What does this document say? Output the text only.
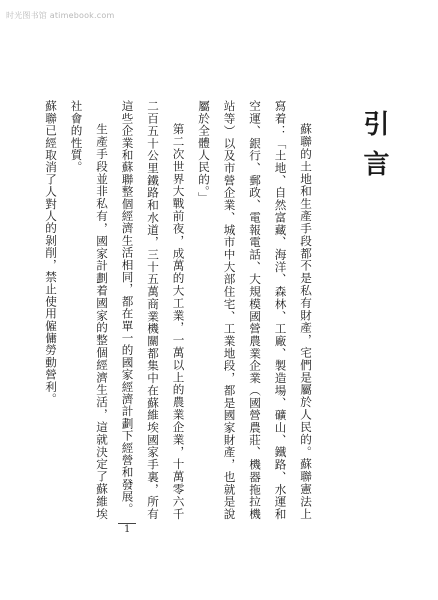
时光图书馆 atimebook.com
引言

蘇聯的土地和生產手段都不是私有財產，宅們是屬於人民的。蘇聯憲法上寫着：「土地、自然富藏、海洋、森林、工廠、製造場、礦山、鐵路、水運和空運、銀行、郵政、電報電話、大規模國營農業企業（國營農莊、機器拖拉機站等）以及市營企業、城市中大部住宅、工業地段，都是國家財產，也就是說屬於全體人民的。」

第二次世界大戰前夜，成萬的大工業，一萬以上的農業企業，十萬零六千二百五十公里鐵路和水道，三十五萬商業機關都集中在蘇維埃國家手裏，所有這些企業和蘇聯整個經濟生活相同，都在單一的國家經濟計劃下經營和發展。

生產手段並非私有，國家計劃着國家的整個經濟生活，這就決定了蘇維埃社會的性質。

蘇聯已經取消了人對人的剝削，禁止使用僱傭勞動營利。

1
